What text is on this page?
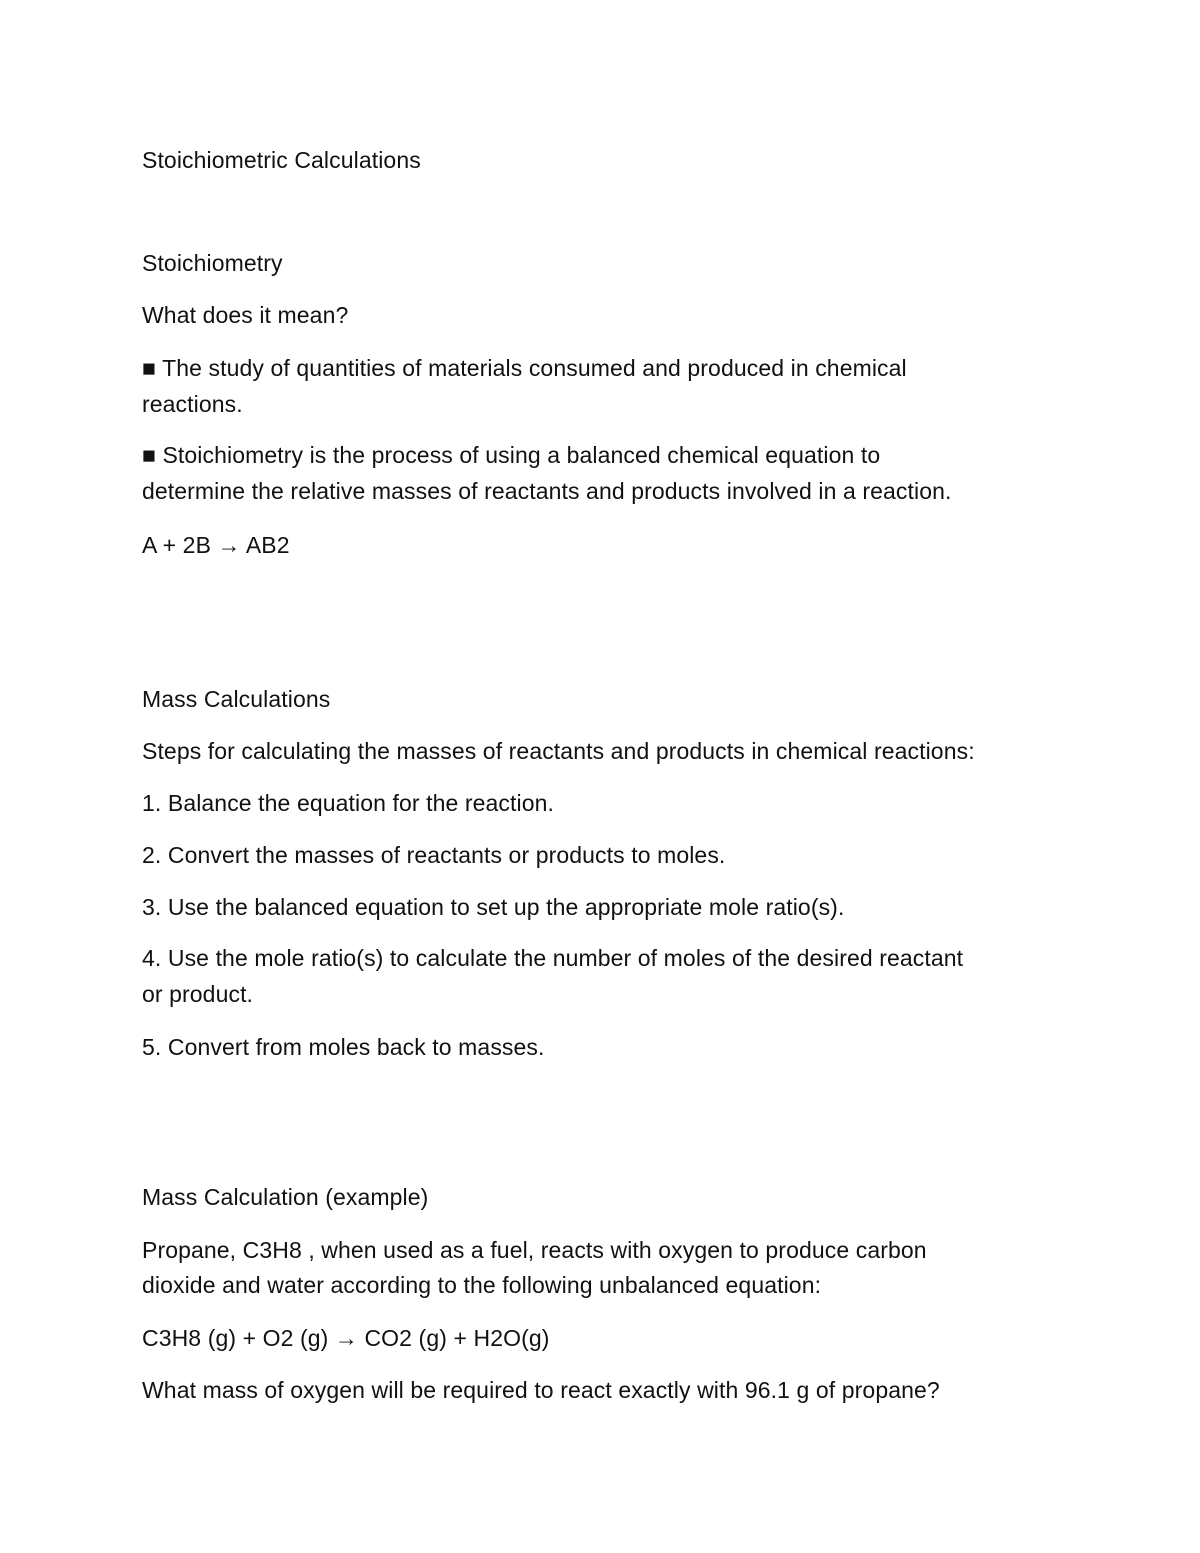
Stoichiometric Calculations
Stoichiometry
What does it mean?
■ The study of quantities of materials consumed and produced in chemical
reactions.
■ Stoichiometry is the process of using a balanced chemical equation to
determine the relative masses of reactants and products involved in a reaction.
A + 2B → AB2
Mass Calculations
Steps for calculating the masses of reactants and products in chemical reactions:
1. Balance the equation for the reaction.
2. Convert the masses of reactants or products to moles.
3. Use the balanced equation to set up the appropriate mole ratio(s).
4. Use the mole ratio(s) to calculate the number of moles of the desired reactant
or product.
5. Convert from moles back to masses.
Mass Calculation (example)
Propane, C3H8 , when used as a fuel, reacts with oxygen to produce carbon
dioxide and water according to the following unbalanced equation:
C3H8 (g) + O2 (g) → CO2 (g) + H2O(g)
What mass of oxygen will be required to react exactly with 96.1 g of propane?
